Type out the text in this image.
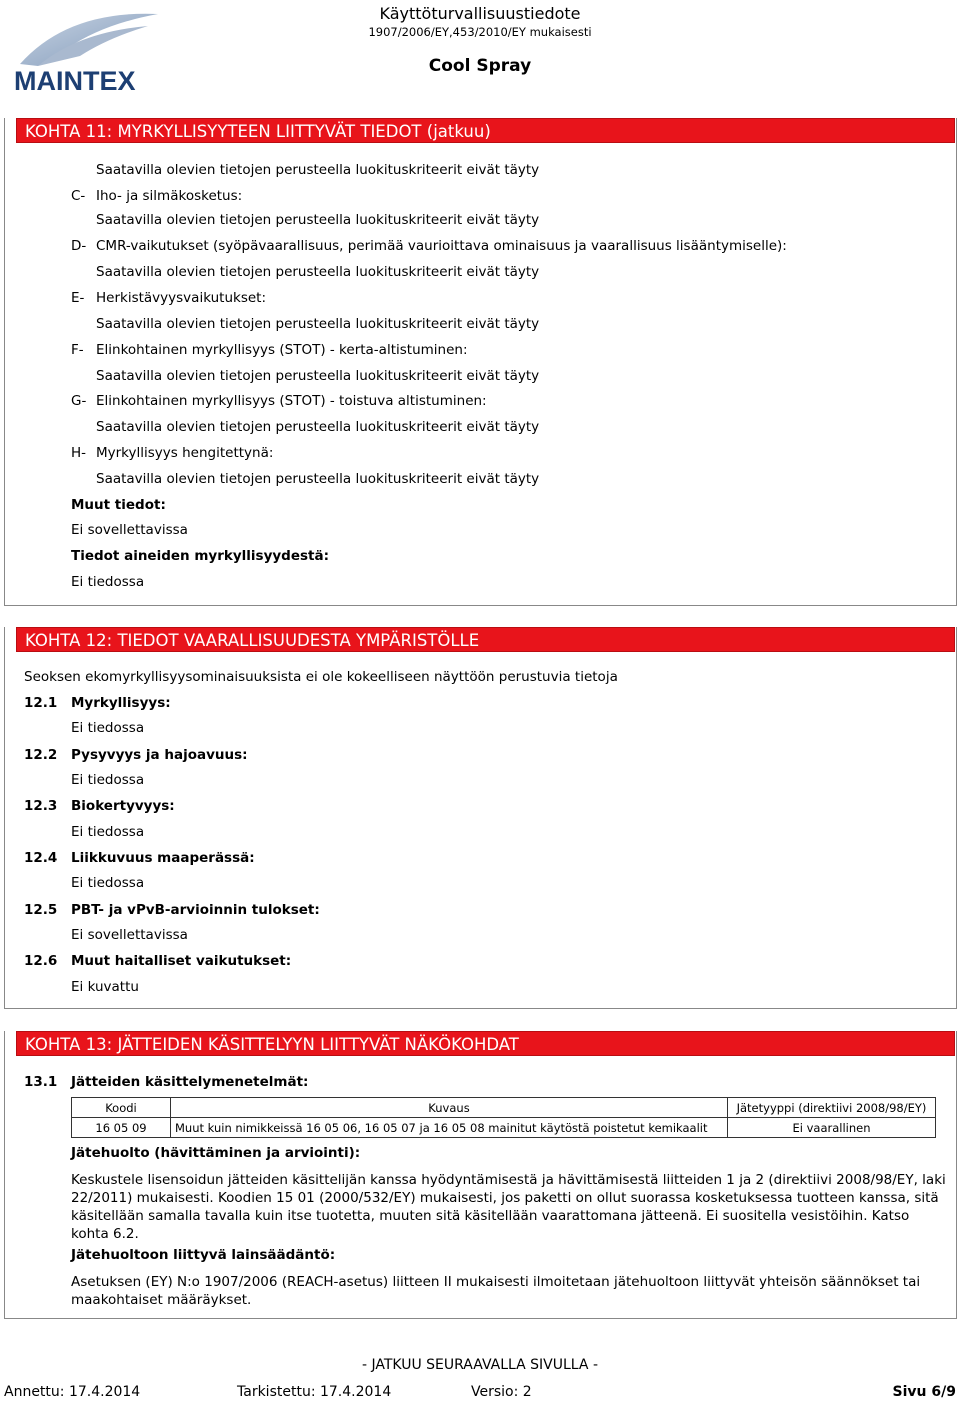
MAINTEX
Käyttöturvallisuustiedote
1907/2006/EY,453/2010/EY mukaisesti
Cool Spray
KOHTA 11: MYRKYLLISYYTEEN LIITTYVÄT TIEDOT (jatkuu)
Saatavilla olevien tietojen perusteella luokituskriteerit eivät täyty
C- Iho- ja silmäkosketus:
Saatavilla olevien tietojen perusteella luokituskriteerit eivät täyty
D- CMR-vaikutukset (syöpävaarallisuus, perimää vaurioittava ominaisuus ja vaarallisuus lisääntymiselle):
Saatavilla olevien tietojen perusteella luokituskriteerit eivät täyty
E- Herkistävyysvaikutukset:
Saatavilla olevien tietojen perusteella luokituskriteerit eivät täyty
F- Elinkohtainen myrkyllisyys (STOT) - kerta-altistuminen:
Saatavilla olevien tietojen perusteella luokituskriteerit eivät täyty
G- Elinkohtainen myrkyllisyys (STOT) - toistuva altistuminen:
Saatavilla olevien tietojen perusteella luokituskriteerit eivät täyty
H- Myrkyllisyys hengitettynä:
Saatavilla olevien tietojen perusteella luokituskriteerit eivät täyty
Muut tiedot:
Ei sovellettavissa
Tiedot aineiden myrkyllisyydestä:
Ei tiedossa
KOHTA 12: TIEDOT VAARALLISUUDESTA YMPÄRISTÖLLE
Seoksen ekomyrkyllisyysominaisuuksista ei ole kokeelliseen näyttöön perustuvia tietoja
12.1 Myrkyllisyys:
Ei tiedossa
12.2 Pysyvyys ja hajoavuus:
Ei tiedossa
12.3 Biokertyvyys:
Ei tiedossa
12.4 Liikkuvuus maaperässä:
Ei tiedossa
12.5 PBT- ja vPvB-arvioinnin tulokset:
Ei sovellettavissa
12.6 Muut haitalliset vaikutukset:
Ei kuvattu
KOHTA 13: JÄTTEIDEN KÄSITTELYYN LIITTYVÄT NÄKÖKOHDAT
13.1 Jätteiden käsittelymenetelmät:
Koodi	Kuvaus	Jätetyyppi (direktiivi 2008/98/EY)
16 05 09	Muut kuin nimikkeissä 16 05 06, 16 05 07 ja 16 05 08 mainitut käytöstä poistetut kemikaalit	Ei vaarallinen
Jätehuolto (hävittäminen ja arviointi):
Keskustele lisensoidun jätteiden käsittelijän kanssa hyödyntämisestä ja hävittämisestä liitteiden 1 ja 2 (direktiivi 2008/98/EY, laki 22/2011) mukaisesti. Koodien 15 01 (2000/532/EY) mukaisesti, jos paketti on ollut suorassa kosketuksessa tuotteen kanssa, sitä käsitellään samalla tavalla kuin itse tuotetta, muuten sitä käsitellään vaarattomana jätteenä. Ei suositella vesistöihin. Katso kohta 6.2.
Jätehuoltoon liittyvä lainsäädäntö:
Asetuksen (EY) N:o 1907/2006 (REACH-asetus) liitteen II mukaisesti ilmoitetaan jätehuoltoon liittyvät yhteisön säännökset tai maakohtaiset määräykset.
- JATKUU SEURAAVALLA SIVULLA -
Annettu: 17.4.2014	Tarkistettu: 17.4.2014	Versio: 2	Sivu 6/9
